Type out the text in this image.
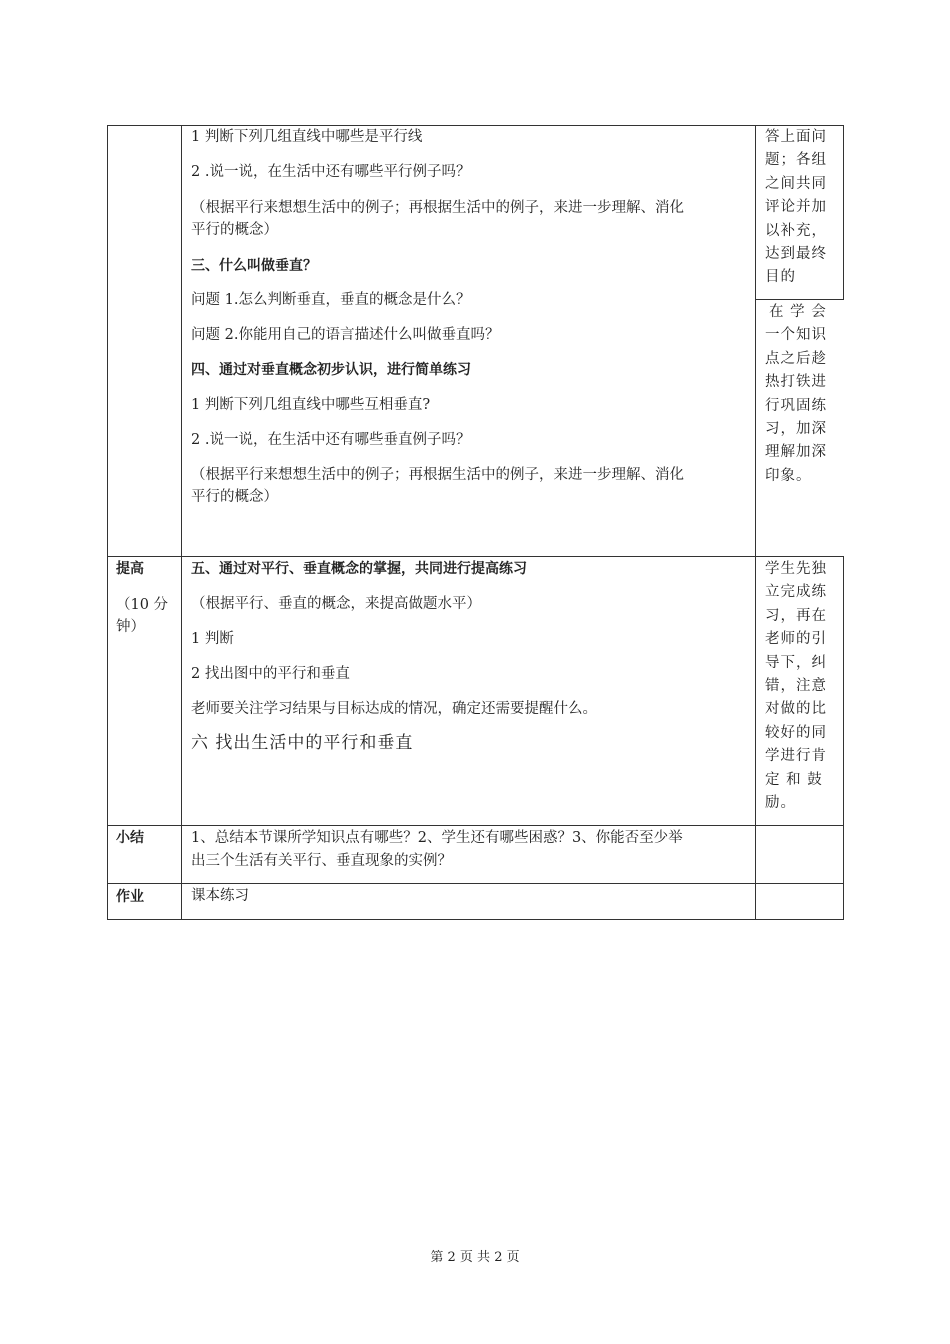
1 判断下列几组直线中哪些是平行线
2 .说一说，在生活中还有哪些平行例子吗？
（根据平行来想想生活中的例子；再根据生活中的例子，来进一步理解、消化
平行的概念）
三、什么叫做垂直？
问题 1.怎么判断垂直，垂直的概念是什么？
问题 2.你能用自己的语言描述什么叫做垂直吗？
四、通过对垂直概念初步认识，进行简单练习
1 判断下列几组直线中哪些互相垂直?
2 .说一说，在生活中还有哪些垂直例子吗？
（根据平行来想想生活中的例子；再根据生活中的例子，来进一步理解、消化
平行的概念）
答上面问
题；各组
之间共同
评论并加
以补充，
达到最终
目的
在 学 会
一个知识
点之后趁
热打铁进
行巩固练
习，加深
理解加深
印象。
提高
（10 分
钟）
五、通过对平行、垂直概念的掌握，共同进行提高练习
（根据平行、垂直的概念，来提高做题水平）
1 判断
2 找出图中的平行和垂直
老师要关注学习结果与目标达成的情况，确定还需要提醒什么。
六 找出生活中的平行和垂直
学生先独
立完成练
习，再在
老师的引
导下，纠
错，注意
对做的比
较好的同
学进行肯
定 和 鼓
励。
小结	1、总结本节课所学知识点有哪些？2、学生还有哪些困惑？3、你能否至少举
出三个生活有关平行、垂直现象的实例？
作业	课本练习
第 2 页 共 2 页
